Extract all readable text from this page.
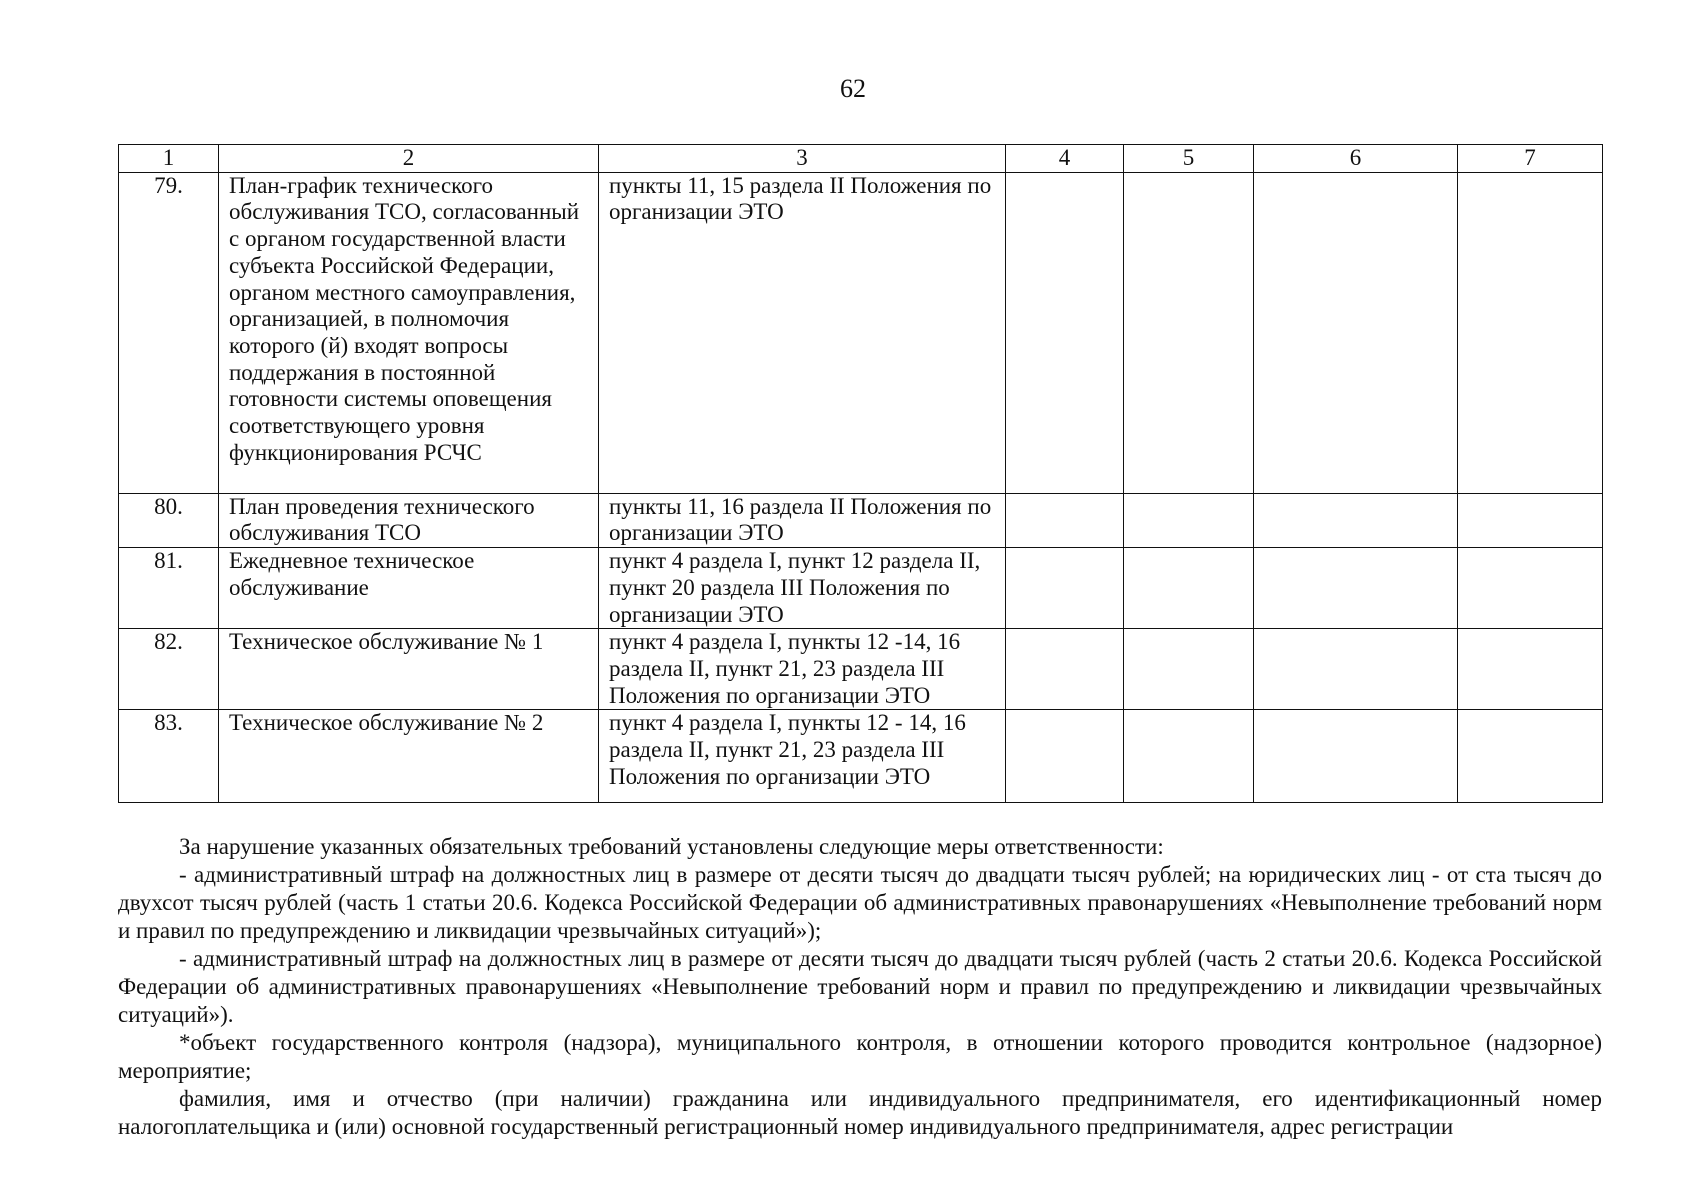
62
1	2	3	4	5	6	7
79.	План-график технического обслуживания ТСО, согласованный с органом государственной власти субъекта Российской Федерации, органом местного самоуправления, организацией, в полномочия которого (й) входят вопросы поддержания в постоянной готовности системы оповещения соответствующего уровня функционирования РСЧС	пункты 11, 15 раздела II Положения по организации ЭТО				
80.	План проведения технического обслуживания ТСО	пункты 11, 16 раздела II Положения по организации ЭТО				
81.	Ежедневное техническое обслуживание	пункт 4 раздела I, пункт 12 раздела II, пункт 20 раздела III Положения по организации ЭТО				
82.	Техническое обслуживание № 1	пункт 4 раздела I, пункты 12 -14, 16 раздела II, пункт 21, 23 раздела III Положения по организации ЭТО				
83.	Техническое обслуживание № 2	пункт 4 раздела I, пункты 12 - 14, 16 раздела II, пункт 21, 23 раздела III Положения по организации ЭТО				

За нарушение указанных обязательных требований установлены следующие меры ответственности:

- административный штраф на должностных лиц в размере от десяти тысяч до двадцати тысяч рублей; на юридических лиц - от ста тысяч до двухсот тысяч рублей (часть 1 статьи 20.6. Кодекса Российской Федерации об административных правонарушениях «Невыполнение требований норм и правил по предупреждению и ликвидации чрезвычайных ситуаций»);

- административный штраф на должностных лиц в размере от десяти тысяч до двадцати тысяч рублей (часть 2 статьи 20.6. Кодекса Российской Федерации об административных правонарушениях «Невыполнение требований норм и правил по предупреждению и ликвидации чрезвычайных ситуаций»).

*объект государственного контроля (надзора), муниципального контроля, в отношении которого проводится контрольное (надзорное) мероприятие;

фамилия, имя и отчество (при наличии) гражданина или индивидуального предпринимателя, его идентификационный номер налогоплательщика и (или) основной государственный регистрационный номер индивидуального предпринимателя, адрес регистрации
